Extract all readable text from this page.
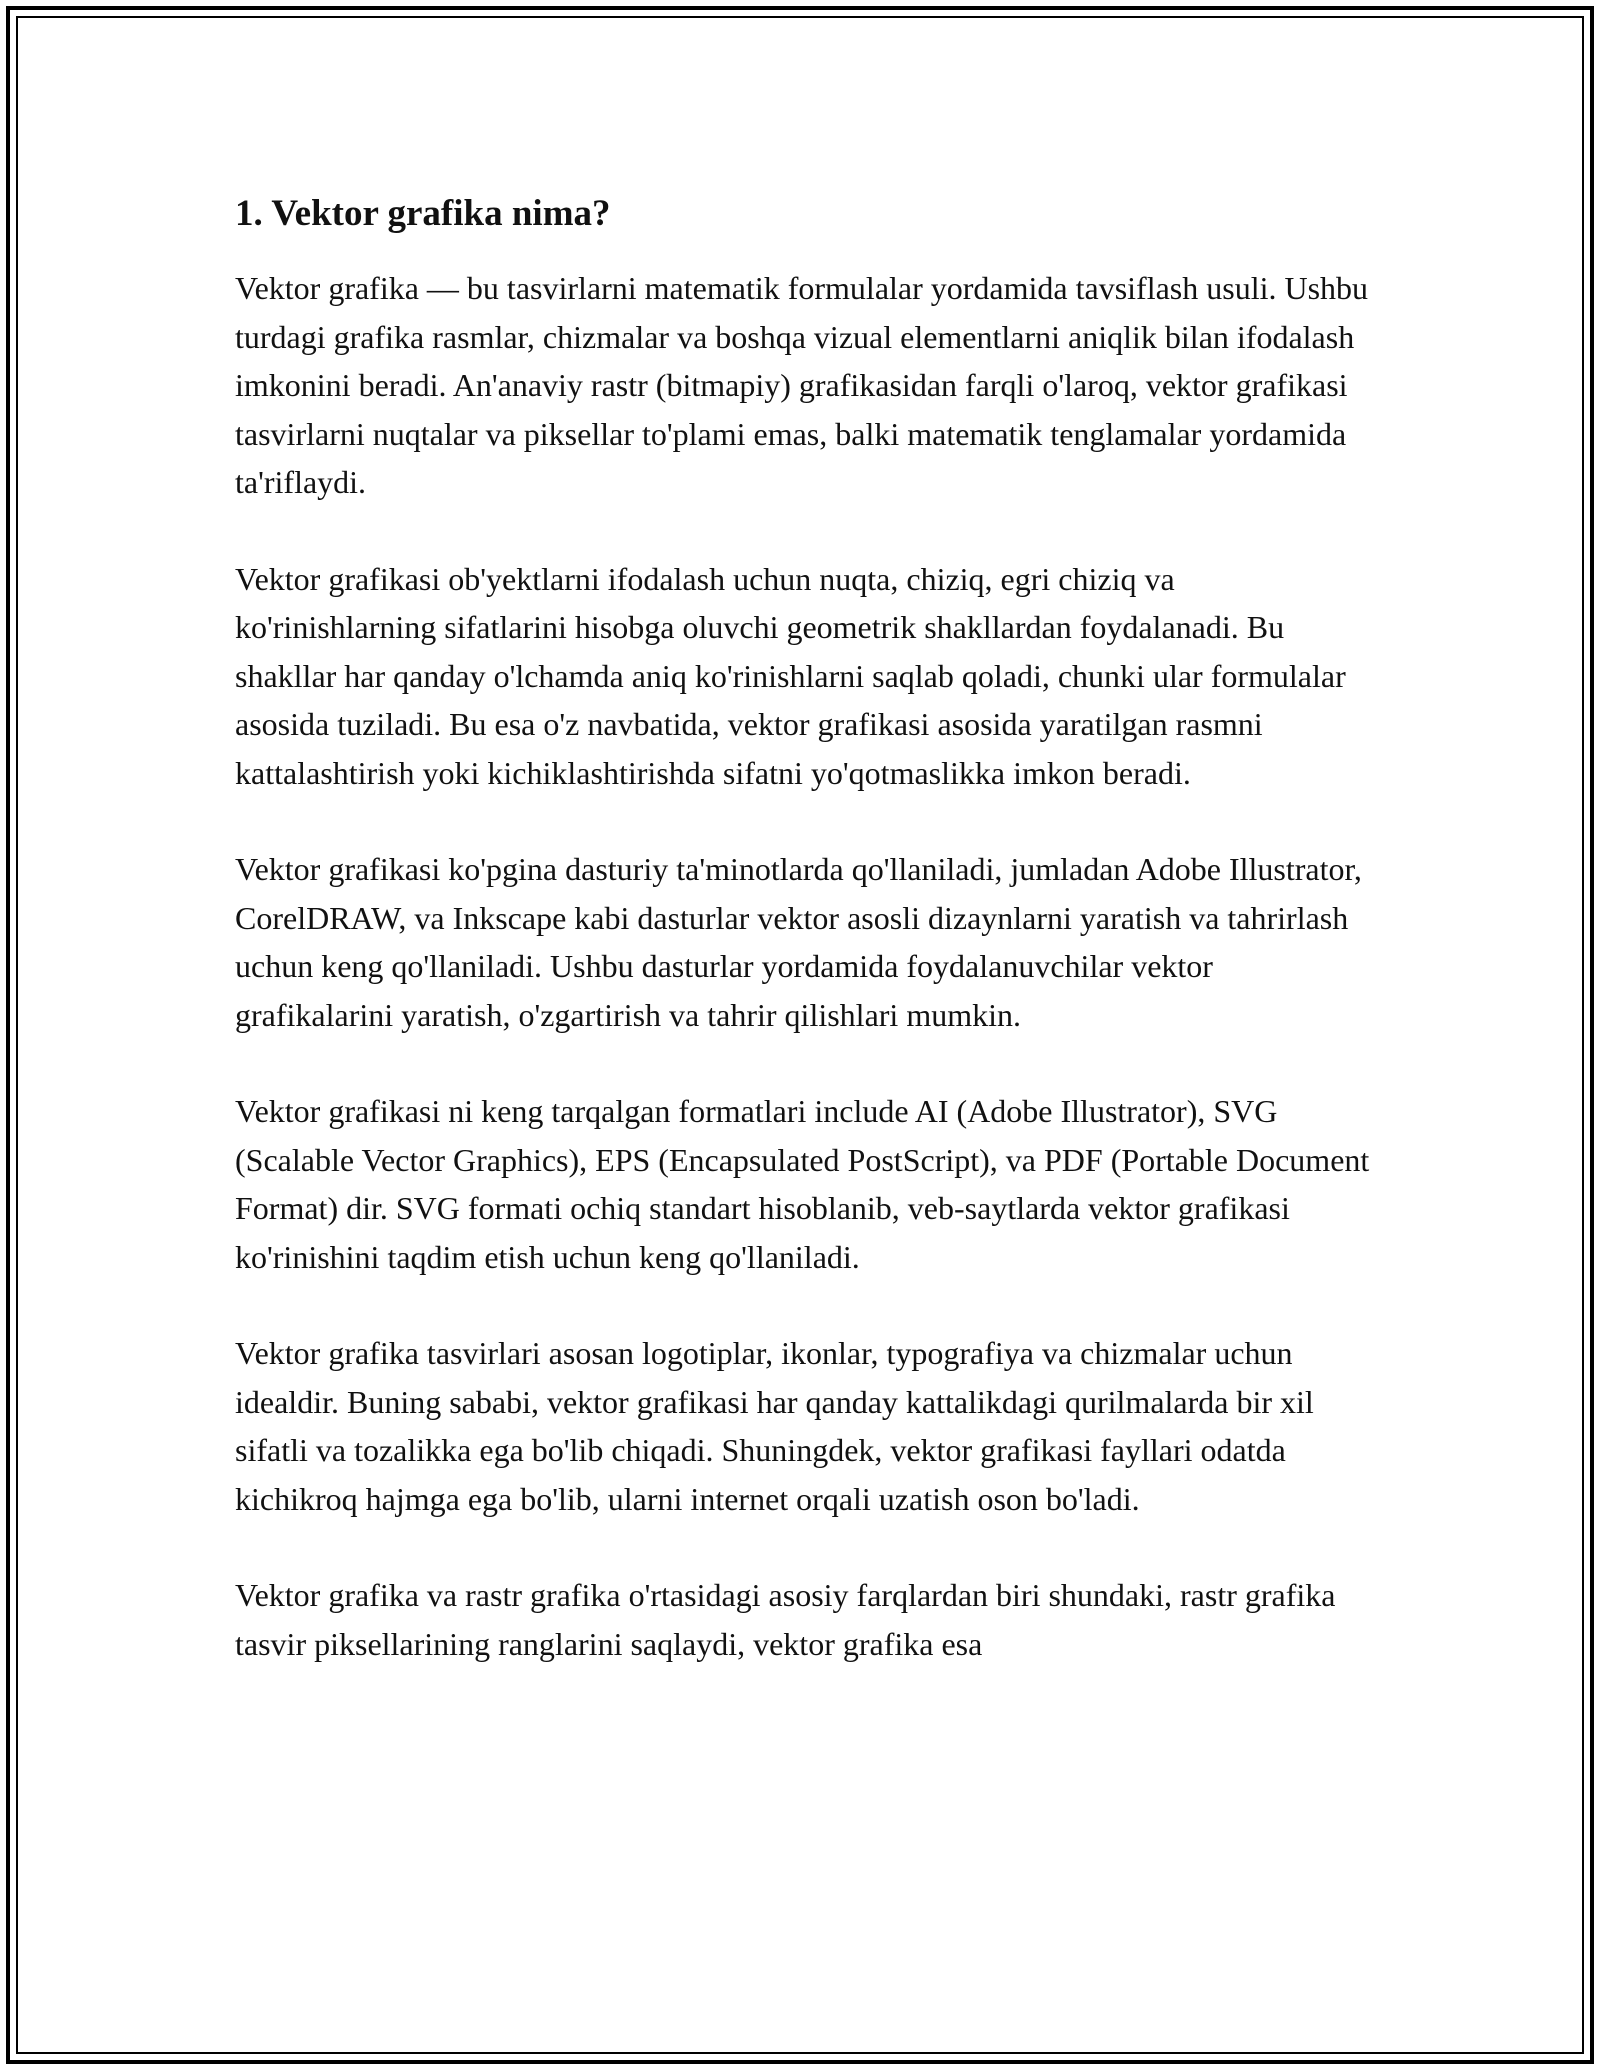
1. Vektor grafika nima?

Vektor grafika — bu tasvirlarni matematik formulalar yordamida tavsiflash usuli. Ushbu turdagi grafika rasmlar, chizmalar va boshqa vizual elementlarni aniqlik bilan ifodalash imkonini beradi. An'anaviy rastr (bitmapiy) grafikasidan farqli o'laroq, vektor grafikasi tasvirlarni nuqtalar va piksellar to'plami emas, balki matematik tenglamalar yordamida ta'riflaydi.

Vektor grafikasi ob'yektlarni ifodalash uchun nuqta, chiziq, egri chiziq va ko'rinishlarning sifatlarini hisobga oluvchi geometrik shakllardan foydalanadi. Bu shakllar har qanday o'lchamda aniq ko'rinishlarni saqlab qoladi, chunki ular formulalar asosida tuziladi. Bu esa o'z navbatida, vektor grafikasi asosida yaratilgan rasmni kattalashtirish yoki kichiklashtirishda sifatni yo'qotmaslikka imkon beradi.

Vektor grafikasi ko'pgina dasturiy ta'minotlarda qo'llaniladi, jumladan Adobe Illustrator, CorelDRAW, va Inkscape kabi dasturlar vektor asosli dizaynlarni yaratish va tahrirlash uchun keng qo'llaniladi. Ushbu dasturlar yordamida foydalanuvchilar vektor grafikalarini yaratish, o'zgartirish va tahrir qilishlari mumkin.

Vektor grafikasi ni keng tarqalgan formatlari include AI (Adobe Illustrator), SVG (Scalable Vector Graphics), EPS (Encapsulated PostScript), va PDF (Portable Document Format) dir. SVG formati ochiq standart hisoblanib, veb-saytlarda vektor grafikasi ko'rinishini taqdim etish uchun keng qo'llaniladi.

Vektor grafika tasvirlari asosan logotiplar, ikonlar, typografiya va chizmalar uchun idealdir. Buning sababi, vektor grafikasi har qanday kattalikdagi qurilmalarda bir xil sifatli va tozalikka ega bo'lib chiqadi. Shuningdek, vektor grafikasi fayllari odatda kichikroq hajmga ega bo'lib, ularni internet orqali uzatish oson bo'ladi.

Vektor grafika va rastr grafika o'rtasidagi asosiy farqlardan biri shundaki, rastr grafika tasvir piksellarining ranglarini saqlaydi, vektor grafika esa
